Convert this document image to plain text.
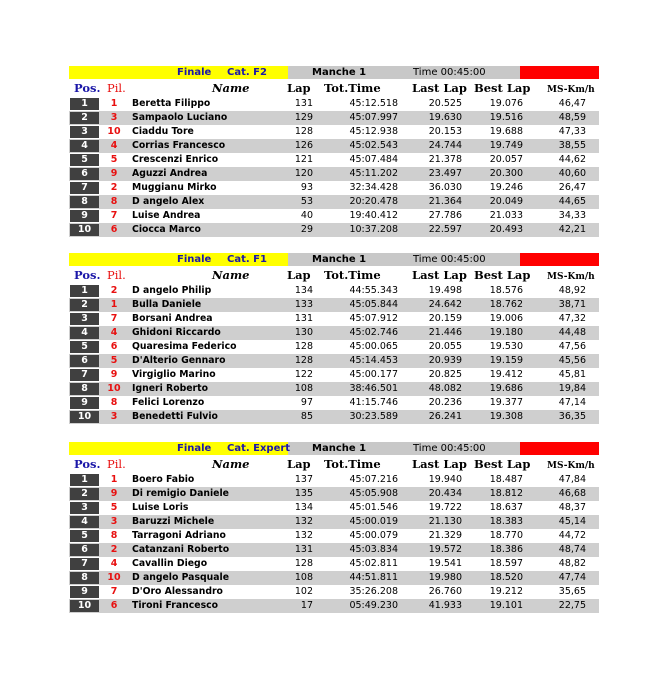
Finale Cat. F2	Manche 1	Time 00:45:00
Pos. Pil.	Name	Lap Tot.Time	Last Lap Best Lap MS-Km/h
1	1	Beretta Filippo	131	45:12.518	20.525	19.076	46,47
2	3	Sampaolo Luciano	129	45:07.997	19.630	19.516	48,59
3	10	Ciaddu Tore	128	45:12.938	20.153	19.688	47,33
4	4	Corrias Francesco	126	45:02.543	24.744	19.749	38,55
5	5	Crescenzi Enrico	121	45:07.484	21.378	20.057	44,62
6	9	Aguzzi Andrea	120	45:11.202	23.497	20.300	40,60
7	2	Muggianu Mirko	93	32:34.428	36.030	19.246	26,47
8	8	D angelo Alex	53	20:20.478	21.364	20.049	44,65
9	7	Luise Andrea	40	19:40.412	27.786	21.033	34,33
10	6	Ciocca Marco	29	10:37.208	22.597	20.493	42,21
Finale Cat. F1	Manche 1	Time 00:45:00
Pos. Pil.	Name	Lap Tot.Time	Last Lap Best Lap MS-Km/h
1	2	D angelo Philip	134	44:55.343	19.498	18.576	48,92
2	1	Bulla Daniele	133	45:05.844	24.642	18.762	38,71
3	7	Borsani Andrea	131	45:07.912	20.159	19.006	47,32
4	4	Ghidoni Riccardo	130	45:02.746	21.446	19.180	44,48
5	6	Quaresima Federico	128	45:00.065	20.055	19.530	47,56
6	5	D'Alterio Gennaro	128	45:14.453	20.939	19.159	45,56
7	9	Virgiglio Marino	122	45:00.177	20.825	19.412	45,81
8	10	Igneri Roberto	108	38:46.501	48.082	19.686	19,84
9	8	Felici Lorenzo	97	41:15.746	20.236	19.377	47,14
10	3	Benedetti Fulvio	85	30:23.589	26.241	19.308	36,35
Finale Cat. Expert Manche 1	Time 00:45:00
Pos. Pil.	Name	Lap Tot.Time	Last Lap Best Lap MS-Km/h
1	1	Boero Fabio	137	45:07.216	19.940	18.487	47,84
2	9	Di remigio Daniele	135	45:05.908	20.434	18.812	46,68
3	5	Luise Loris	134	45:01.546	19.722	18.637	48,37
4	3	Baruzzi Michele	132	45:00.019	21.130	18.383	45,14
5	8	Tarragoni Adriano	132	45:00.079	21.329	18.770	44,72
6	2	Catanzani Roberto	131	45:03.834	19.572	18.386	48,74
7	4	Cavallin Diego	128	45:02.811	19.541	18.597	48,82
8	10	D angelo Pasquale	108	44:51.811	19.980	18.520	47,74
9	7	D'Oro Alessandro	102	35:26.208	26.760	19.212	35,65
10	6	Tironi Francesco	17	05:49.230	41.933	19.101	22,75
